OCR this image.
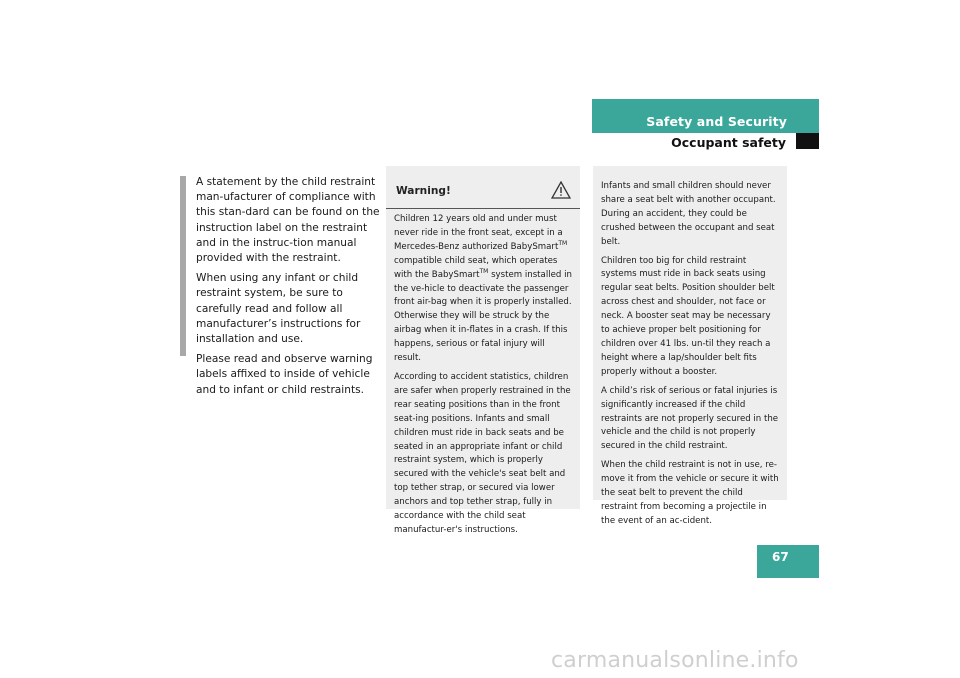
Safety and Security
Occupant safety

A statement by the child restraint man-ufacturer of compliance with this stan-dard can be found on the instruction label on the restraint and in the instruc-tion manual provided with the restraint.

When using any infant or child restraint system, be sure to carefully read and follow all manufacturer’s instructions for installation and use.

Please read and observe warning labels affixed to inside of vehicle and to infant or child restraints.

Warning!

Children 12 years old and under must never ride in the front seat, except in a Mercedes-Benz authorized BabySmart™ compatible child seat, which operates with the BabySmart™ system installed in the ve-hicle to deactivate the passenger front air-bag when it is properly installed. Otherwise they will be struck by the airbag when it in-flates in a crash. If this happens, serious or fatal injury will result.

According to accident statistics, children are safer when properly restrained in the rear seating positions than in the front seat-ing positions. Infants and small children must ride in back seats and be seated in an appropriate infant or child restraint system, which is properly secured with the vehicle's seat belt and top tether strap, or secured via lower anchors and top tether strap, fully in accordance with the child seat manufactur-er's instructions.

Infants and small children should never share a seat belt with another occupant. During an accident, they could be crushed between the occupant and seat belt.

Children too big for child restraint systems must ride in back seats using regular seat belts. Position shoulder belt across chest and shoulder, not face or neck. A booster seat may be necessary to achieve proper belt positioning for children over 41 lbs. un-til they reach a height where a lap/shoulder belt fits properly without a booster.

A child’s risk of serious or fatal injuries is significantly increased if the child restraints are not properly secured in the vehicle and the child is not properly secured in the child restraint.

When the child restraint is not in use, re-move it from the vehicle or secure it with the seat belt to prevent the child restraint from becoming a projectile in the event of an ac-cident.

67
carmanualsonline.info
